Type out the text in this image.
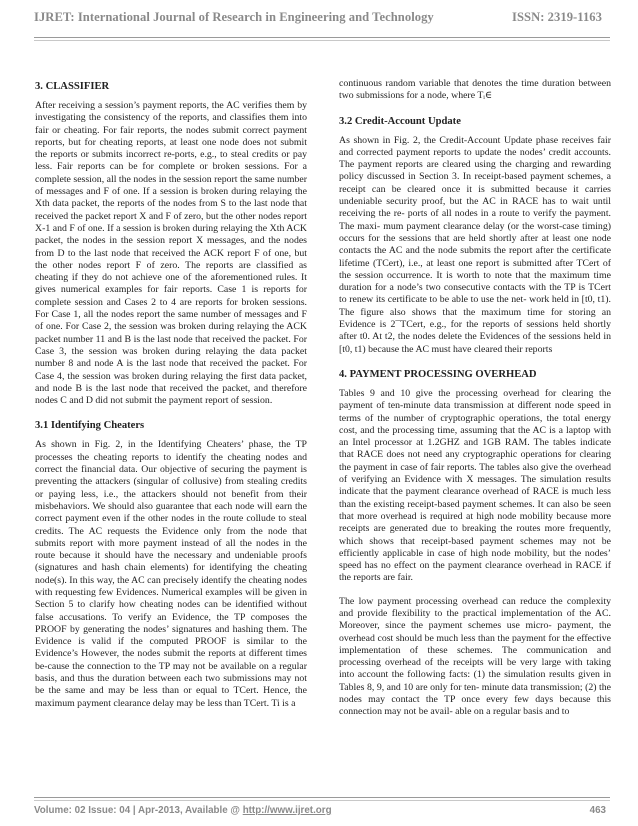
IJRET: International Journal of Research in Engineering and Technology	ISSN: 2319-1163
3. CLASSIFIER

After receiving a session’s payment reports, the AC verifies them by investigating the consistency of the reports, and classifies them into fair or cheating. For fair reports, the nodes submit correct payment reports, but for cheating reports, at least one node does not submit the reports or submits incorrect re-ports, e.g., to steal credits or pay less. Fair reports can be for complete or broken sessions. For a complete session, all the nodes in the session report the same number of messages and F of one. If a session is broken during relaying the Xth data packet, the reports of the nodes from S to the last node that received the packet report X and F of zero, but the other nodes report X-1 and F of one. If a session is broken during relaying the Xth ACK packet, the nodes in the session report X messages, and the nodes from D to the last node that received the ACK report F of one, but the other nodes report F of zero. The reports are classified as cheating if they do not achieve one of the aforementioned rules. It gives numerical examples for fair reports. Case 1 is reports for complete session and Cases 2 to 4 are reports for broken sessions. For Case 1, all the nodes report the same number of messages and F of one. For Case 2, the session was broken during relaying the ACK packet number 11 and B is the last node that received the packet. For Case 3, the session was broken during relaying the data packet number 8 and node A is the last node that received the packet. For Case 4, the session was broken during relaying the first data packet, and node B is the last node that received the packet, and therefore nodes C and D did not submit the payment report of session.

3.1 Identifying Cheaters

As shown in Fig. 2, in the Identifying Cheaters’ phase, the TP processes the cheating reports to identify the cheating nodes and correct the financial data. Our objective of securing the payment is preventing the attackers (singular of collusive) from stealing credits or paying less, i.e., the attackers should not benefit from their misbehaviors. We should also guarantee that each node will earn the correct payment even if the other nodes in the route collude to steal credits. The AC requests the Evidence only from the node that submits report with more payment instead of all the nodes in the route because it should have the necessary and undeniable proofs (signatures and hash chain elements) for identifying the cheating node(s). In this way, the AC can precisely identify the cheating nodes with requesting few Evidences. Numerical examples will be given in Section 5 to clarify how cheating nodes can be identified without false accusations. To verify an Evidence, the TP composes the PROOF by generating the nodes’ signatures and hashing them. The Evidence is valid if the computed PROOF is similar to the Evidence’s However, the nodes submit the reports at different times be-cause the connection to the TP may not be available on a regular basis, and thus the duration between each two submissions may not be the same and may be less than or equal to TCert. Hence, the maximum payment clearance delay may be less than TCert. Ti is a

continuous random variable that denotes the time duration between two submissions for a node, where Tᵢ∈

3.2 Credit-Account Update

As shown in Fig. 2, the Credit-Account Update phase receives fair and corrected payment reports to update the nodes’ credit accounts. The payment reports are cleared using the charging and rewarding policy discussed in Section 3. In receipt-based payment schemes, a receipt can be cleared once it is submitted because it carries undeniable security proof, but the AC in RACE has to wait until receiving the re- ports of all nodes in a route to verify the payment. The maxi- mum payment clearance delay (or the worst-case timing) occurs for the sessions that are held shortly after at least one node contacts the AC and the node submits the report after the certificate lifetime (TCert), i.e., at least one report is submitted after TCert of the session occurrence. It is worth to note that the maximum time duration for a node’s two consecutive contacts with the TP is TCert to renew its certificate to be able to use the net- work held in [t0, t1). The figure also shows that the maximum time for storing an Evidence is 2¯TCert, e.g., for the reports of sessions held shortly after t0. At t2, the nodes delete the Evidences of the sessions held in [t0, t1) because the AC must have cleared their reports

4. PAYMENT PROCESSING OVERHEAD

Tables 9 and 10 give the processing overhead for clearing the payment of ten-minute data transmission at different node speed in terms of the number of cryptographic operations, the total energy cost, and the processing time, assuming that the AC is a laptop with an Intel processor at 1.2GHZ and 1GB RAM. The tables indicate that RACE does not need any cryptographic operations for clearing the payment in case of fair reports. The tables also give the overhead of verifying an Evidence with X messages. The simulation results indicate that the payment clearance overhead of RACE is much less than the existing receipt-based payment schemes. It can also be seen that more overhead is required at high node mobility because more receipts are generated due to breaking the routes more frequently, which shows that receipt-based payment schemes may not be efficiently applicable in case of high node mobility, but the nodes’ speed has no effect on the payment clearance overhead in RACE if the reports are fair.

The low payment processing overhead can reduce the complexity and provide flexibility to the practical implementation of the AC. Moreover, since the payment schemes use micro- payment, the overhead cost should be much less than the payment for the effective implementation of these schemes. The communication and processing overhead of the receipts will be very large with taking into account the following facts: (1) the simulation results given in Tables 8, 9, and 10 are only for ten- minute data transmission; (2) the nodes may contact the TP once every few days because this connection may not be avail- able on a regular basis and to

Volume: 02 Issue: 04 | Apr-2013, Available @ http://www.ijret.org	463
